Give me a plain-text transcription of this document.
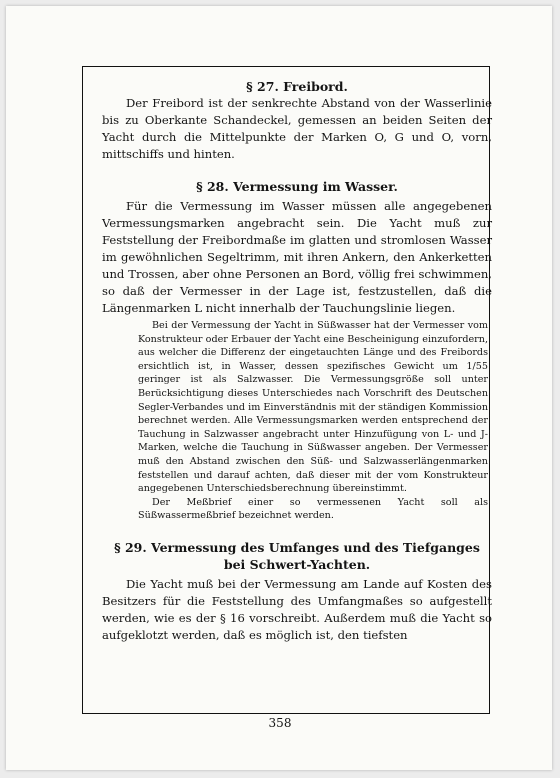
§ 27. Freibord.

Der Freibord ist der senkrechte Abstand von der Wasserlinie bis zu Oberkante Schandeckel, gemessen an beiden Seiten der Yacht durch die Mittelpunkte der Marken O, G und O, vorn, mittschiffs und hinten.

§ 28. Vermessung im Wasser.

Für die Vermessung im Wasser müssen alle angegebenen Vermessungsmarken angebracht sein. Die Yacht muß zur Feststellung der Freibordmaße im glatten und stromlosen Wasser im gewöhnlichen Segeltrimm, mit ihren Ankern, den Ankerketten und Trossen, aber ohne Personen an Bord, völlig frei schwimmen, so daß der Vermesser in der Lage ist, festzustellen, daß die Längenmarken L nicht innerhalb der Tauchungslinie liegen.

Bei der Vermessung der Yacht in Süßwasser hat der Vermesser vom Konstrukteur oder Erbauer der Yacht eine Bescheinigung einzufordern, aus welcher die Differenz der eingetauchten Länge und des Freibords ersichtlich ist, in Wasser, dessen spezifisches Gewicht um 1/55 geringer ist als Salzwasser. Die Vermessungsgröße soll unter Berücksichtigung dieses Unterschiedes nach Vorschrift des Deutschen Segler-Verbandes und im Einverständnis mit der ständigen Kommission berechnet werden. Alle Vermessungsmarken werden entsprechend der Tauchung in Salzwasser angebracht unter Hinzufügung von L- und J-Marken, welche die Tauchung in Süßwasser angeben. Der Vermesser muß den Abstand zwischen den Süß- und Salzwasserlängenmarken feststellen und darauf achten, daß dieser mit der vom Konstrukteur angegebenen Unterschiedsberechnung übereinstimmt.

Der Meßbrief einer so vermessenen Yacht soll als Süßwassermeßbrief bezeichnet werden.

§ 29. Vermessung des Umfanges und des Tiefganges

bei Schwert-Yachten.

Die Yacht muß bei der Vermessung am Lande auf Kosten des Besitzers für die Feststellung des Umfangmaßes so aufgestellt werden, wie es der § 16 vorschreibt. Außerdem muß die Yacht so aufgeklotzt werden, daß es möglich ist, den tiefsten

358
